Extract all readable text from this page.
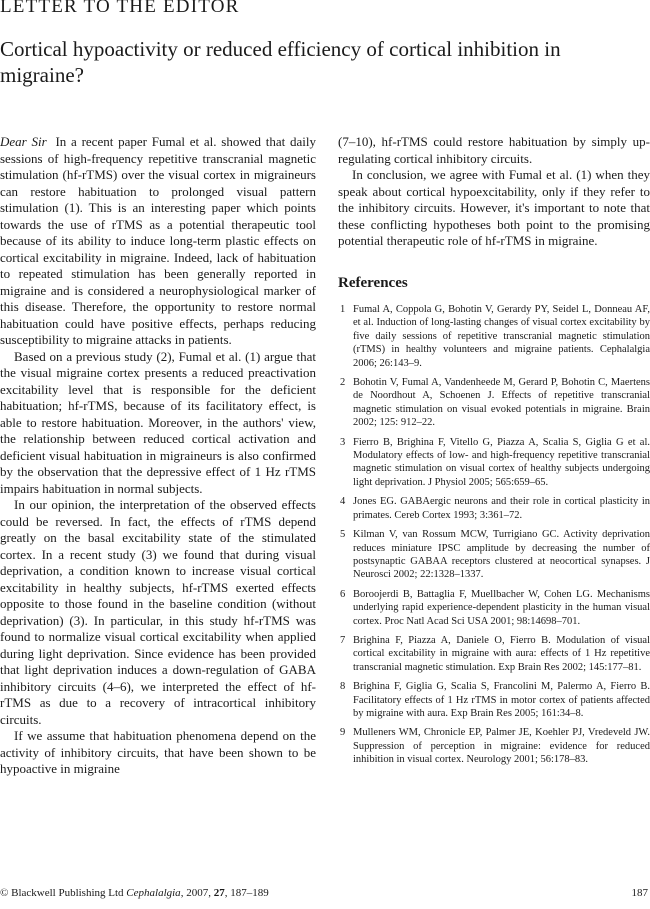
LETTER TO THE EDITOR
Cortical hypoactivity or reduced efficiency of cortical inhibition in migraine?

Dear Sir In a recent paper Fumal et al. showed that daily sessions of high-frequency repetitive transcranial magnetic stimulation (hf-rTMS) over the visual cortex in migraineurs can restore habituation to prolonged visual pattern stimulation (1). This is an interesting paper which points towards the use of rTMS as a potential therapeutic tool because of its ability to induce long-term plastic effects on cortical excitability in migraine. Indeed, lack of habituation to repeated stimulation has been generally reported in migraine and is considered a neurophysiological marker of this disease. Therefore, the opportunity to restore normal habituation could have positive effects, perhaps reducing susceptibility to migraine attacks in patients.

Based on a previous study (2), Fumal et al. (1) argue that the visual migraine cortex presents a reduced preactivation excitability level that is responsible for the deficient habituation; hf-rTMS, because of its facilitatory effect, is able to restore habituation. Moreover, in the authors' view, the relationship between reduced cortical activation and deficient visual habituation in migraineurs is also confirmed by the observation that the depressive effect of 1 Hz rTMS impairs habituation in normal subjects.

In our opinion, the interpretation of the observed effects could be reversed. In fact, the effects of rTMS depend greatly on the basal excitability state of the stimulated cortex. In a recent study (3) we found that during visual deprivation, a condition known to increase visual cortical excitability in healthy subjects, hf-rTMS exerted effects opposite to those found in the baseline condition (without deprivation) (3). In particular, in this study hf-rTMS was found to normalize visual cortical excitability when applied during light deprivation. Since evidence has been provided that light deprivation induces a down-regulation of GABA inhibitory circuits (4–6), we interpreted the effect of hf-rTMS as due to a recovery of intracortical inhibitory circuits.

If we assume that habituation phenomena depend on the activity of inhibitory circuits, that have been shown to be hypoactive in migraine

(7–10), hf-rTMS could restore habituation by simply up-regulating cortical inhibitory circuits.

In conclusion, we agree with Fumal et al. (1) when they speak about cortical hypoexcitability, only if they refer to the inhibitory circuits. However, it's important to note that these conflicting hypotheses both point to the promising potential therapeutic role of hf-rTMS in migraine.

References
1 Fumal A, Coppola G, Bohotin V, Gerardy PY, Seidel L, Donneau AF, et al. Induction of long-lasting changes of visual cortex excitability by five daily sessions of repetitive transcranial magnetic stimulation (rTMS) in healthy volunteers and migraine patients. Cephalalgia 2006; 26:143–9.
2 Bohotin V, Fumal A, Vandenheede M, Gerard P, Bohotin C, Maertens de Noordhout A, Schoenen J. Effects of repetitive transcranial magnetic stimulation on visual evoked potentials in migraine. Brain 2002; 125: 912–22.
3 Fierro B, Brighina F, Vitello G, Piazza A, Scalia S, Giglia G et al. Modulatory effects of low- and high-frequency repetitive transcranial magnetic stimulation on visual cortex of healthy subjects undergoing light deprivation. J Physiol 2005; 565:659–65.
4 Jones EG. GABAergic neurons and their role in cortical plasticity in primates. Cereb Cortex 1993; 3:361–72.
5 Kilman V, van Rossum MCW, Turrigiano GC. Activity deprivation reduces miniature IPSC amplitude by decreasing the number of postsynaptic GABAA receptors clustered at neocortical synapses. J Neurosci 2002; 22:1328–1337.
6 Boroojerdi B, Battaglia F, Muellbacher W, Cohen LG. Mechanisms underlying rapid experience-dependent plasticity in the human visual cortex. Proc Natl Acad Sci USA 2001; 98:14698–701.
7 Brighina F, Piazza A, Daniele O, Fierro B. Modulation of visual cortical excitability in migraine with aura: effects of 1 Hz repetitive transcranial magnetic stimulation. Exp Brain Res 2002; 145:177–81.
8 Brighina F, Giglia G, Scalia S, Francolini M, Palermo A, Fierro B. Facilitatory effects of 1 Hz rTMS in motor cortex of patients affected by migraine with aura. Exp Brain Res 2005; 161:34–8.
9 Mulleners WM, Chronicle EP, Palmer JE, Koehler PJ, Vredeveld JW. Suppression of perception in migraine: evidence for reduced inhibition in visual cortex. Neurology 2001; 56:178–83.
© Blackwell Publishing Ltd Cephalalgia, 2007, 27, 187–189	187
